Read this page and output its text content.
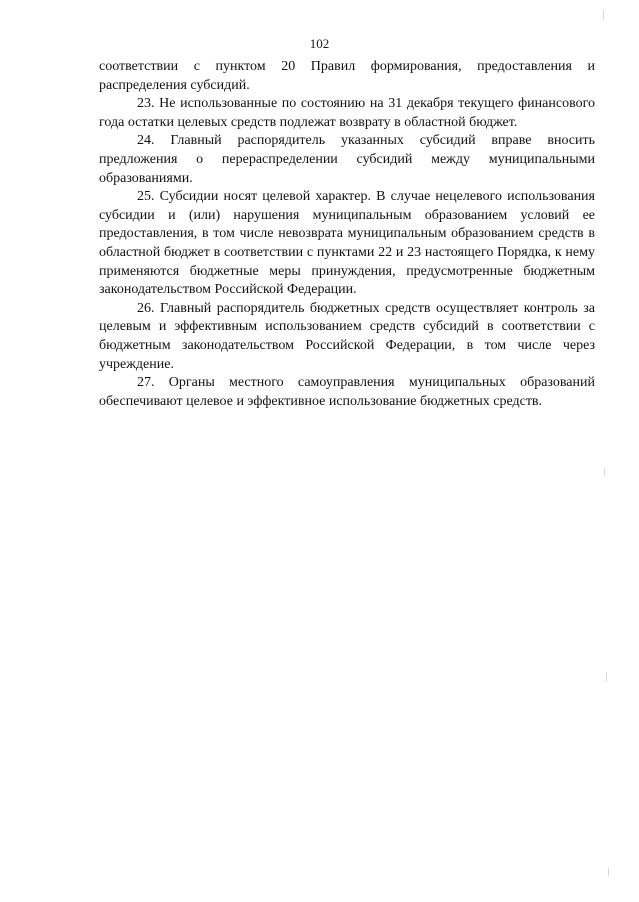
102

соответствии с пунктом 20 Правил формирования, предоставления и распределения субсидий.

23. Не использованные по состоянию на 31 декабря текущего финансового года остатки целевых средств подлежат возврату в областной бюджет.

24. Главный распорядитель указанных субсидий вправе вносить предложения о перераспределении субсидий между муниципальными образованиями.

25. Субсидии носят целевой характер. В случае нецелевого использования субсидии и (или) нарушения муниципальным образованием условий ее предоставления, в том числе невозврата муниципальным образованием средств в областной бюджет в соответствии с пунктами 22 и 23 настоящего Порядка, к нему применяются бюджетные меры принуждения, предусмотренные бюджетным законодательством Российской Федерации.

26. Главный распорядитель бюджетных средств осуществляет контроль за целевым и эффективным использованием средств субсидий в соответствии с бюджетным законодательством Российской Федерации, в том числе через учреждение.

27. Органы местного самоуправления муниципальных образований обеспечивают целевое и эффективное использование бюджетных средств.
